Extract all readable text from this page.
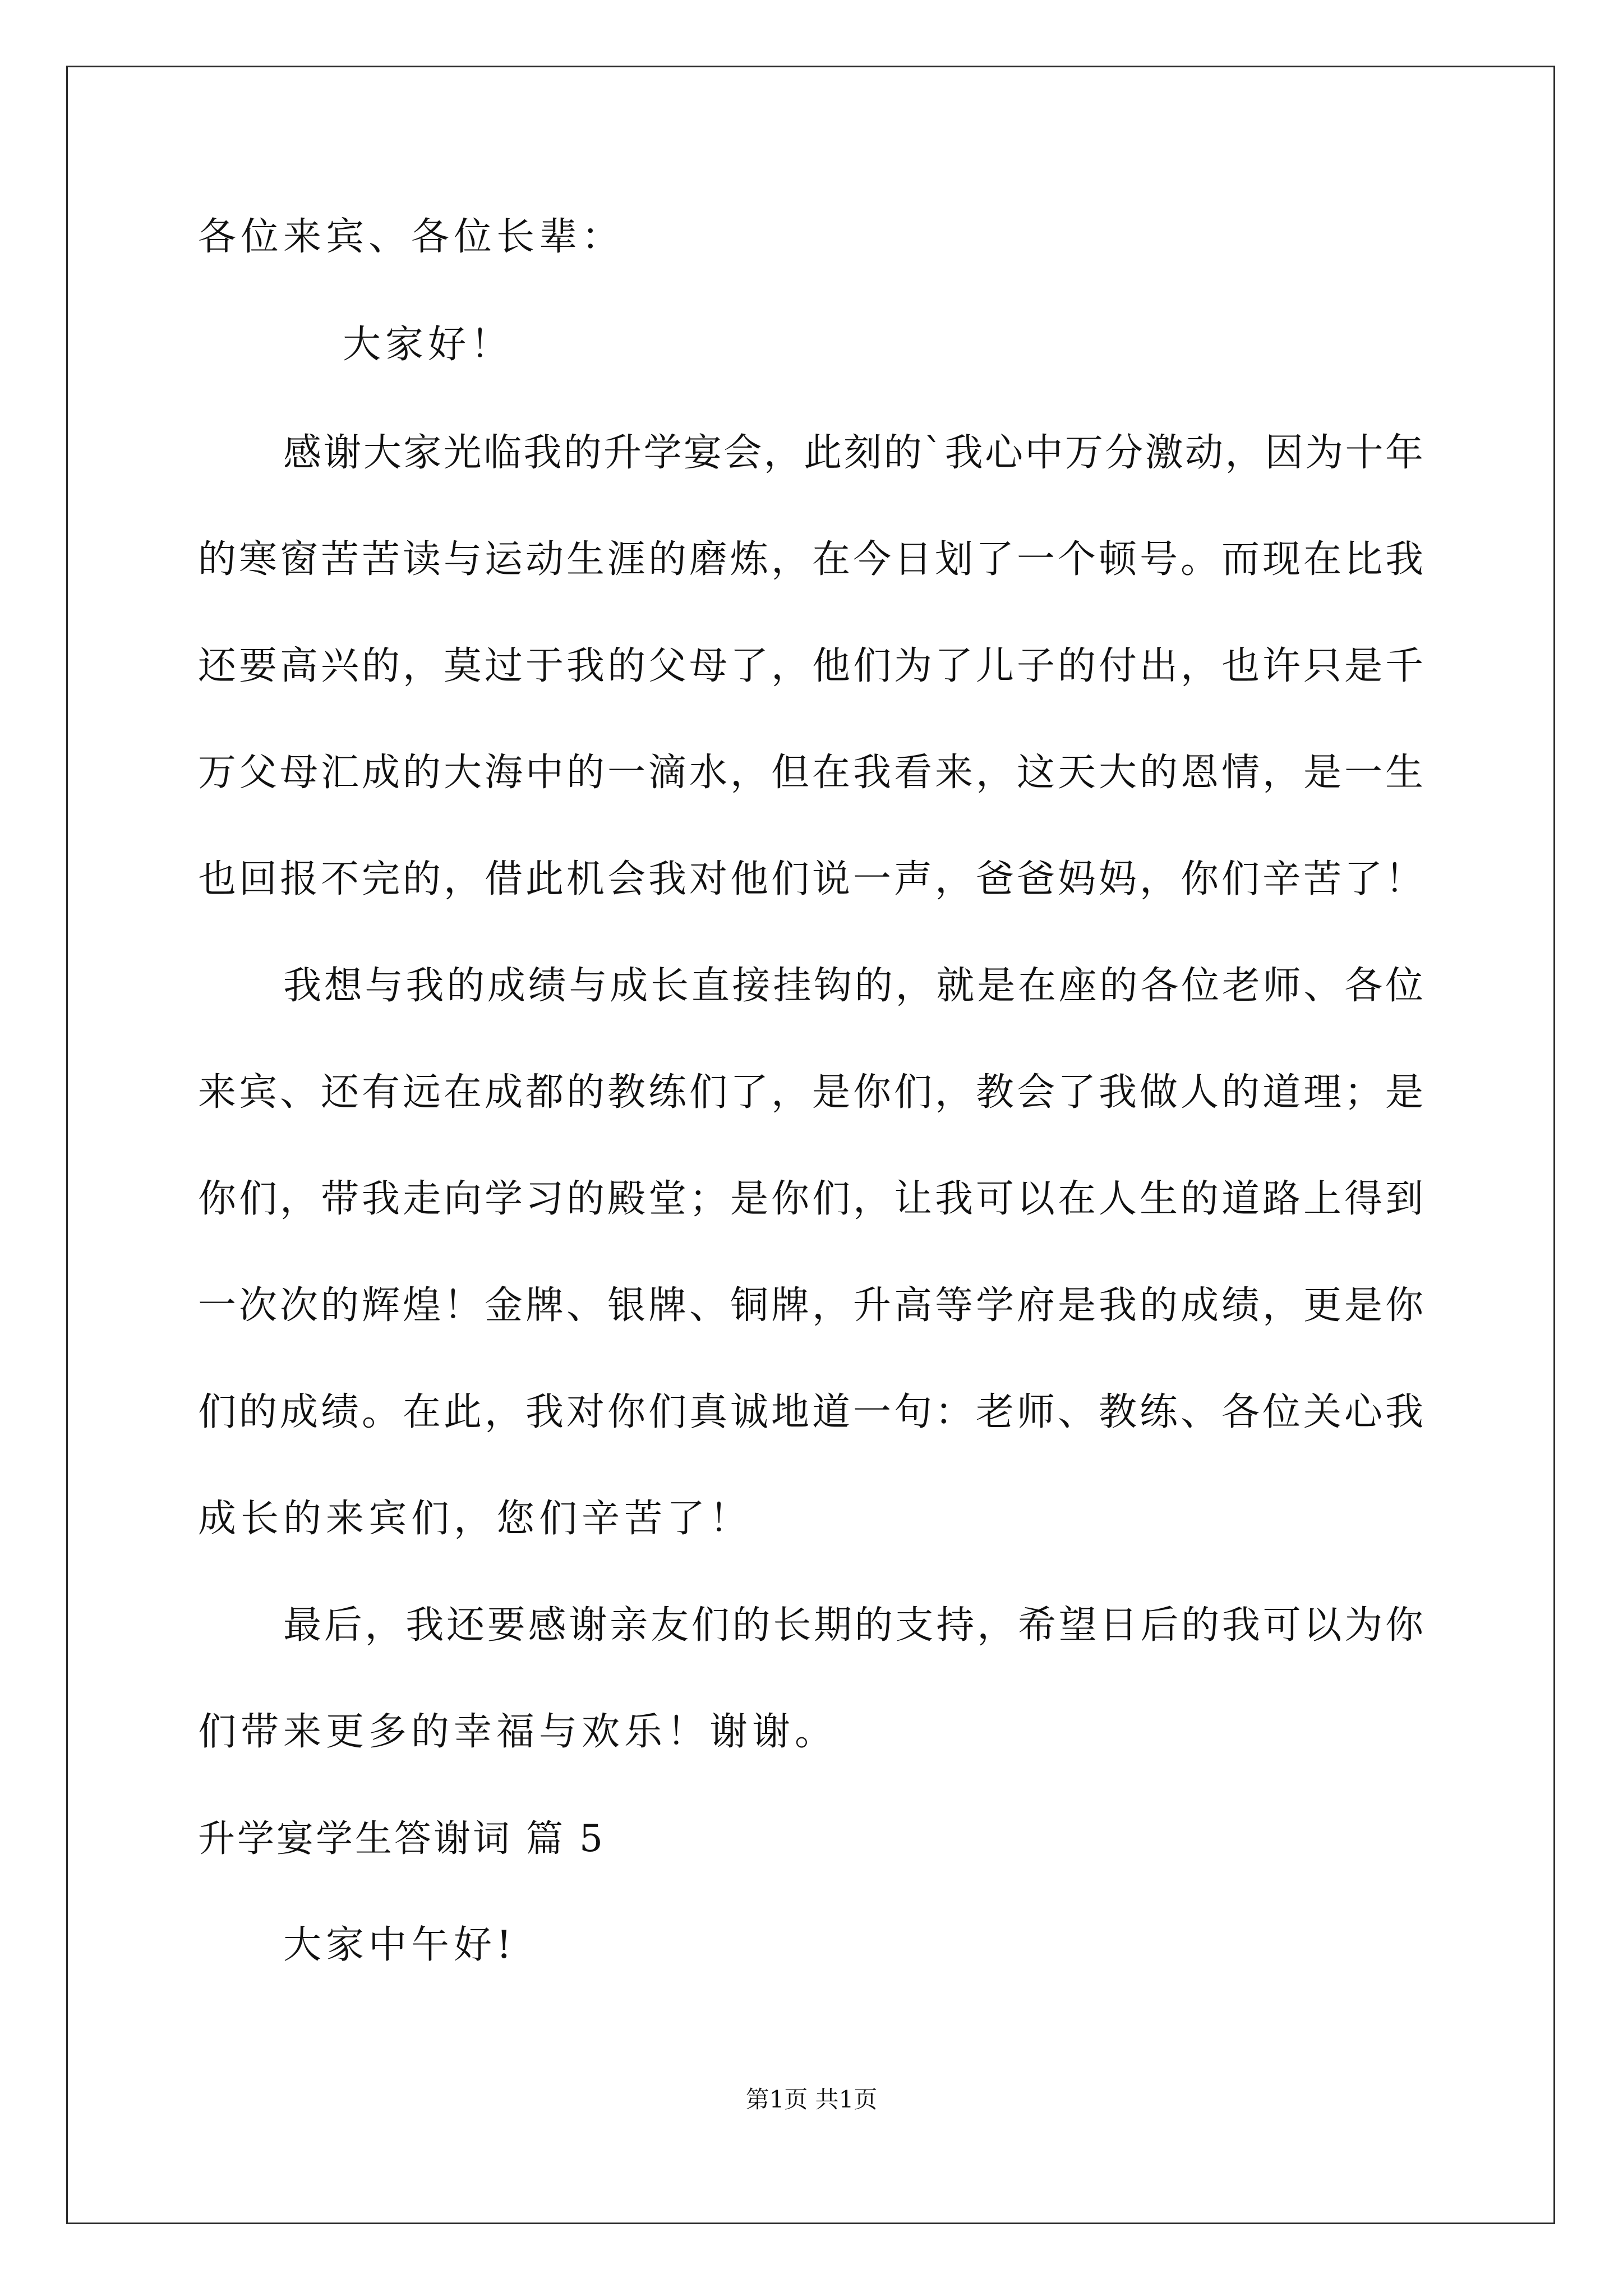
各位来宾、各位长辈：
大家好！
感谢大家光临我的升学宴会，此刻的`我心中万分激动，因为十年
的寒窗苦苦读与运动生涯的磨炼，在今日划了一个顿号。而现在比我
还要高兴的，莫过于我的父母了，他们为了儿子的付出，也许只是千
万父母汇成的大海中的一滴水，但在我看来，这天大的恩情，是一生
也回报不完的，借此机会我对他们说一声，爸爸妈妈，你们辛苦了！
我想与我的成绩与成长直接挂钩的，就是在座的各位老师、各位
来宾、还有远在成都的教练们了，是你们，教会了我做人的道理；是
你们，带我走向学习的殿堂；是你们，让我可以在人生的道路上得到
一次次的辉煌！金牌、银牌、铜牌，升高等学府是我的成绩，更是你
们的成绩。在此，我对你们真诚地道一句：老师、教练、各位关心我
成长的来宾们，您们辛苦了！
最后，我还要感谢亲友们的长期的支持，希望日后的我可以为你
们带来更多的幸福与欢乐！谢谢。
升学宴学生答谢词 篇 5
大家中午好!
第1页 共1页
